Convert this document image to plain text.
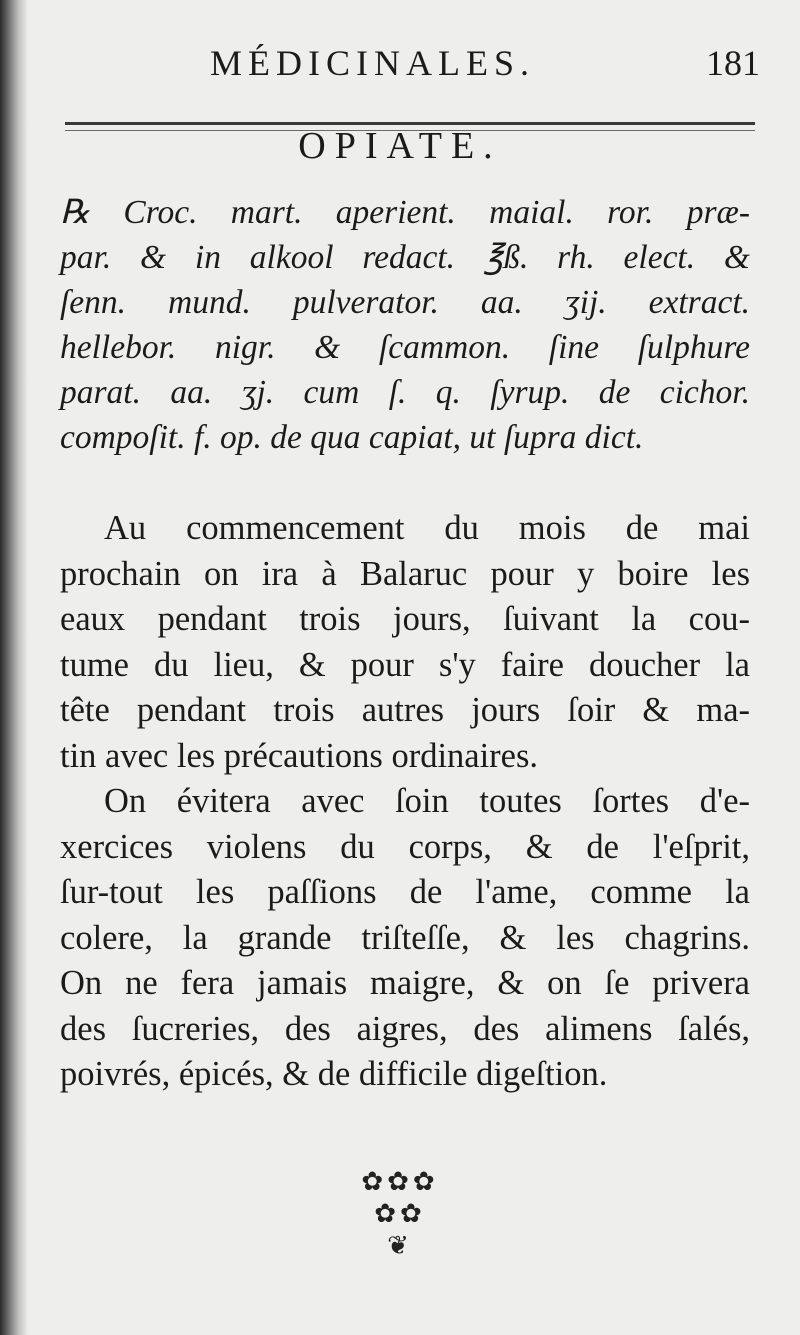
MÉDICINALES.	181
OPIATE.
℞ Croc. mart. aperient. maial. ror. præ-
par. & in alkool redact. ℥ß. rh. elect. &
ſenn. mund. pulverator. aa. ʒij. extract.
hellebor. nigr. & ſcammon. ſine ſulphure
parat. aa. ʒj. cum ſ. q. ſyrup. de cichor.
compoſit. f. op. de qua capiat, ut ſupra dict.
Au commencement du mois de mai
prochain on ira à Balaruc pour y boire les
eaux pendant trois jours, ſuivant la cou-
tume du lieu, & pour s'y faire doucher la
tête pendant trois autres jours ſoir & ma-
tin avec les précautions ordinaires.
On évitera avec ſoin toutes ſortes d'e-
xercices violens du corps, & de l'eſprit,
ſur-tout les paſſions de l'ame, comme la
colere, la grande triſteſſe, & les chagrins.
On ne fera jamais maigre, & on ſe privera
des ſucreries, des aigres, des alimens ſalés,
poivrés, épicés, & de difficile digeſtion.
✿✿✿
✿✿
❦
